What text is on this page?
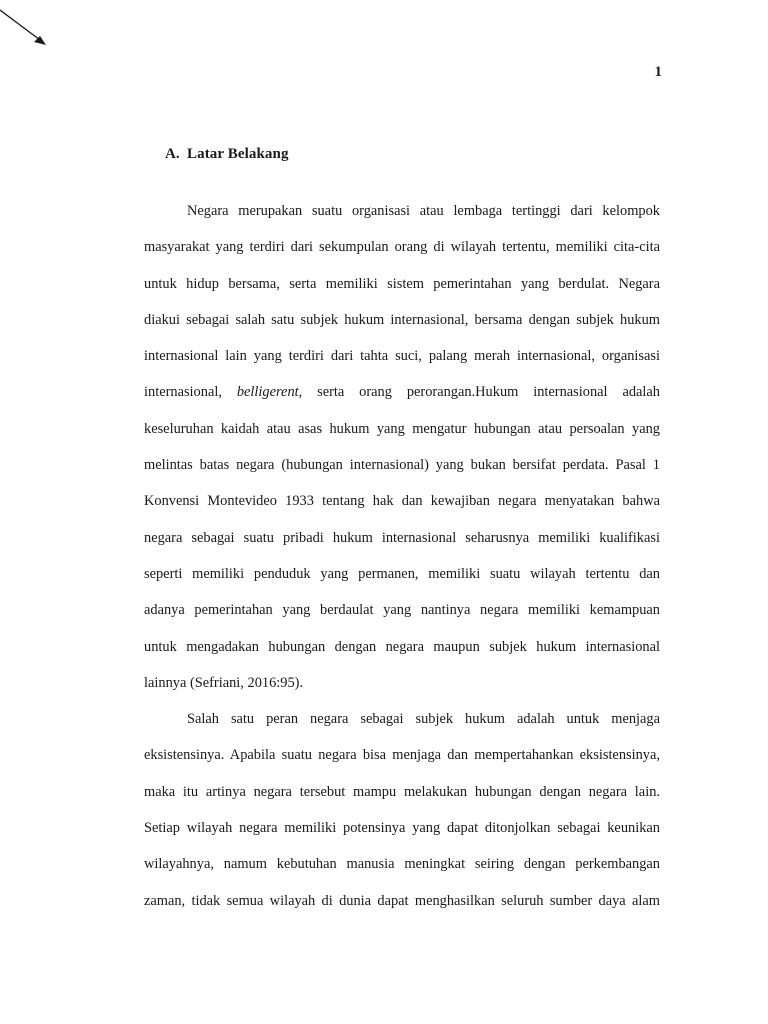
1
A. Latar Belakang
Negara merupakan suatu organisasi atau lembaga tertinggi dari kelompok
masyarakat yang terdiri dari sekumpulan orang di wilayah tertentu, memiliki cita-cita
untuk hidup bersama, serta memiliki sistem pemerintahan yang berdulat. Negara
diakui sebagai salah satu subjek hukum internasional, bersama dengan subjek hukum
internasional lain yang terdiri dari tahta suci, palang merah internasional, organisasi
internasional, belligerent, serta orang perorangan.Hukum internasional adalah
keseluruhan kaidah atau asas hukum yang mengatur hubungan atau persoalan yang
melintas batas negara (hubungan internasional) yang bukan bersifat perdata. Pasal 1
Konvensi Montevideo 1933 tentang hak dan kewajiban negara menyatakan bahwa
negara sebagai suatu pribadi hukum internasional seharusnya memiliki kualifikasi
seperti memiliki penduduk yang permanen, memiliki suatu wilayah tertentu dan
adanya pemerintahan yang berdaulat yang nantinya negara memiliki kemampuan
untuk mengadakan hubungan dengan negara maupun subjek hukum internasional
lainnya (Sefriani, 2016:95).
Salah satu peran negara sebagai subjek hukum adalah untuk menjaga
eksistensinya. Apabila suatu negara bisa menjaga dan mempertahankan eksistensinya,
maka itu artinya negara tersebut mampu melakukan hubungan dengan negara lain.
Setiap wilayah negara memiliki potensinya yang dapat ditonjolkan sebagai keunikan
wilayahnya, namum kebutuhan manusia meningkat seiring dengan perkembangan
zaman, tidak semua wilayah di dunia dapat menghasilkan seluruh sumber daya alam
